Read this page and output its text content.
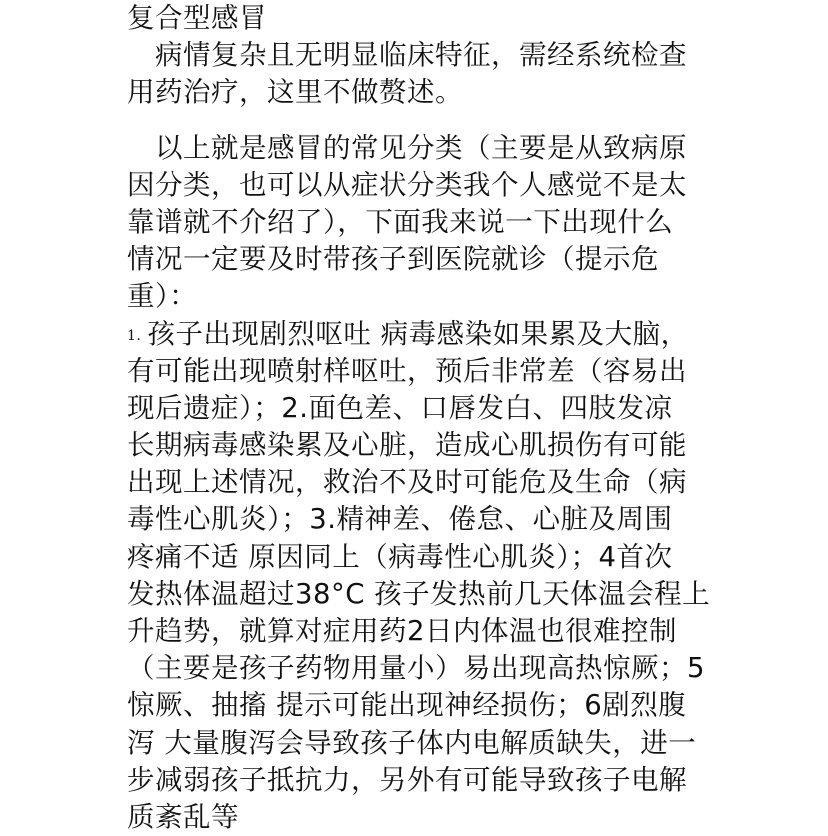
复合型感冒
　病情复杂且无明显临床特征，需经系统检查
用药治疗，这里不做赘述。
　以上就是感冒的常见分类（主要是从致病原
因分类，也可以从症状分类我个人感觉不是太
靠谱就不介绍了），下面我来说一下出现什么
情况一定要及时带孩子到医院就诊（提示危
重）：
1. 孩子出现剧烈呕吐 病毒感染如果累及大脑，
有可能出现喷射样呕吐，预后非常差（容易出
现后遗症）；2.面色差、口唇发白、四肢发凉
长期病毒感染累及心脏，造成心肌损伤有可能
出现上述情况，救治不及时可能危及生命（病
毒性心肌炎）；3.精神差、倦怠、心脏及周围
疼痛不适 原因同上（病毒性心肌炎）；4首次
发热体温超过38°C 孩子发热前几天体温会程上
升趋势，就算对症用药2日内体温也很难控制
（主要是孩子药物用量小）易出现高热惊厥；5
惊厥、抽搐 提示可能出现神经损伤；6剧烈腹
泻 大量腹泻会导致孩子体内电解质缺失，进一
步减弱孩子抵抗力，另外有可能导致孩子电解
质紊乱等
